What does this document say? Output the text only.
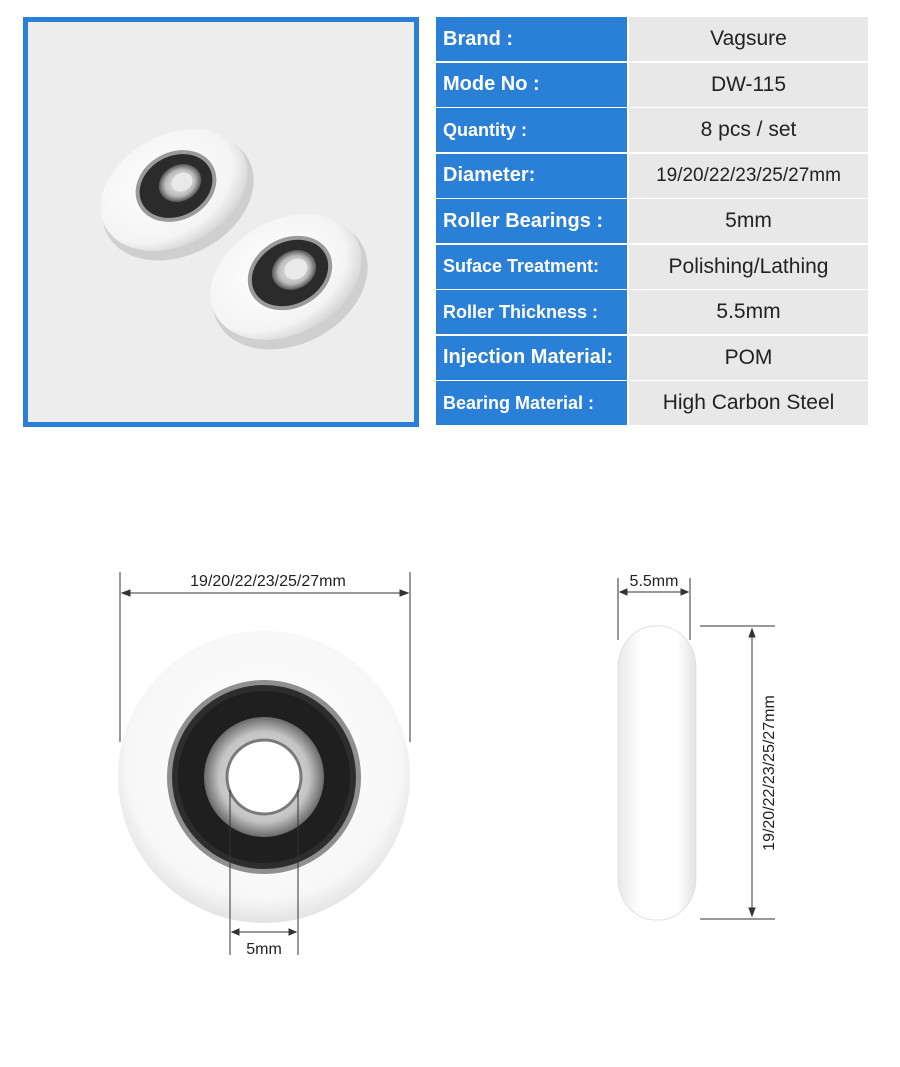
Brand :	Vagsure
Mode No :	DW-115
Quantity :	8 pcs / set
Diameter:	19/20/22/23/25/27mm
Roller Bearings :	5mm
Suface Treatment:	Polishing/Lathing
Roller Thickness :	5.5mm
Injection Material:	POM
Bearing Material :	High Carbon Steel
19/20/22/23/25/27mm
5mm
5.5mm
19/20/22/23/25/27mm
